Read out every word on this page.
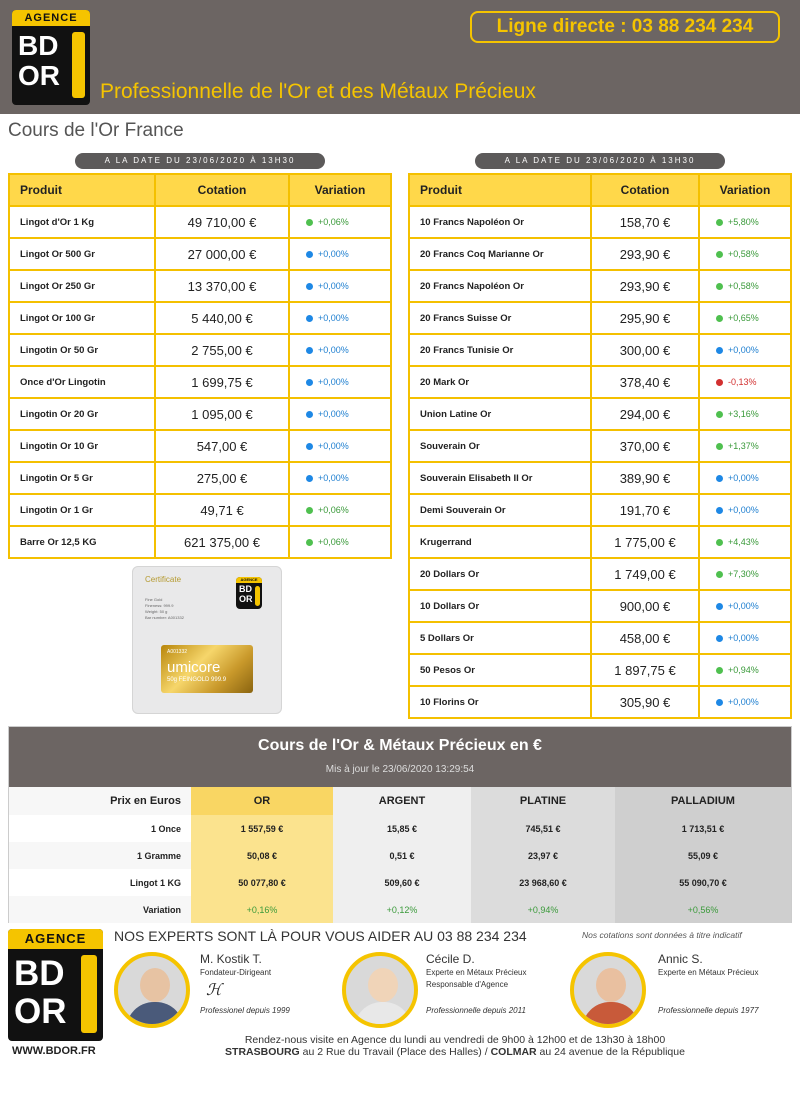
AGENCE
BD
OR
Ligne directe : 03 88 234 234
Professionnelle de l'Or et des Métaux Précieux
Cours de l'Or France
A LA DATE DU 23/06/2020 À 13H30	A LA DATE DU 23/06/2020 À 13H30
Produit	Cotation	Variation
Lingot d'Or 1 Kg	49 710,00 €	+0,06%
Lingot Or 500 Gr	27 000,00 €	+0,00%
Lingot Or 250 Gr	13 370,00 €	+0,00%
Lingot Or 100 Gr	5 440,00 €	+0,00%
Lingotin Or 50 Gr	2 755,00 €	+0,00%
Once d'Or Lingotin	1 699,75 €	+0,00%
Lingotin Or 20 Gr	1 095,00 €	+0,00%
Lingotin Or 10 Gr	547,00 €	+0,00%
Lingotin Or 5 Gr	275,00 €	+0,00%
Lingotin Or 1 Gr	49,71 €	+0,06%
Barre Or 12,5 KG	621 375,00 €	+0,06%
Produit	Cotation	Variation
10 Francs Napoléon Or	158,70 €	+5,80%
20 Francs Coq Marianne Or	293,90 €	+0,58%
20 Francs Napoléon Or	293,90 €	+0,58%
20 Francs Suisse Or	295,90 €	+0,65%
20 Francs Tunisie Or	300,00 €	+0,00%
20 Mark Or	378,40 €	-0,13%
Union Latine Or	294,00 €	+3,16%
Souverain Or	370,00 €	+1,37%
Souverain Elisabeth II Or	389,90 €	+0,00%
Demi Souverain Or	191,70 €	+0,00%
Krugerrand	1 775,00 €	+4,43%
20 Dollars Or	1 749,00 €	+7,30%
10 Dollars Or	900,00 €	+0,00%
5 Dollars Or	458,00 €	+0,00%
50 Pesos Or	1 897,75 €	+0,94%
10 Florins Or	305,90 €	+0,00%
Certificate	AGENCE
BD
OR
Fine Gold
Fineness: 999.9
Weight: 50 g
Bar number: A001332
A001332
umicore
50g FEINGOLD 999.9
Cours de l'Or & Métaux Précieux en €
Mis à jour le 23/06/2020 13:29:54
Prix en Euros	OR	ARGENT	PLATINE	PALLADIUM
1 Once	1 557,59 €	15,85 €	745,51 €	1 713,51 €
1 Gramme	50,08 €	0,51 €	23,97 €	55,09 €
Lingot 1 KG	50 077,80 €	509,60 €	23 968,60 €	55 090,70 €
Variation	+0,16%	+0,12%	+0,94%	+0,56%
AGENCE
BD
OR
WWW.BDOR.FR
NOS EXPERTS SONT LÀ POUR VOUS AIDER AU 03 88 234 234	Nos cotations sont données à titre indicatif
M. Kostik T.
Fondateur-Dirigeant
ℋ
Professionel depuis 1999
Cécile D.
Experte en Métaux Précieux
Responsable d'Agence
Professionnelle depuis 2011
Annic S.
Experte en Métaux Précieux
Professionnelle depuis 1977
Rendez-nous visite en Agence du lundi au vendredi de 9h00 à 12h00 et de 13h30 à 18h00
STRASBOURG au 2 Rue du Travail (Place des Halles) / COLMAR au 24 avenue de la République
